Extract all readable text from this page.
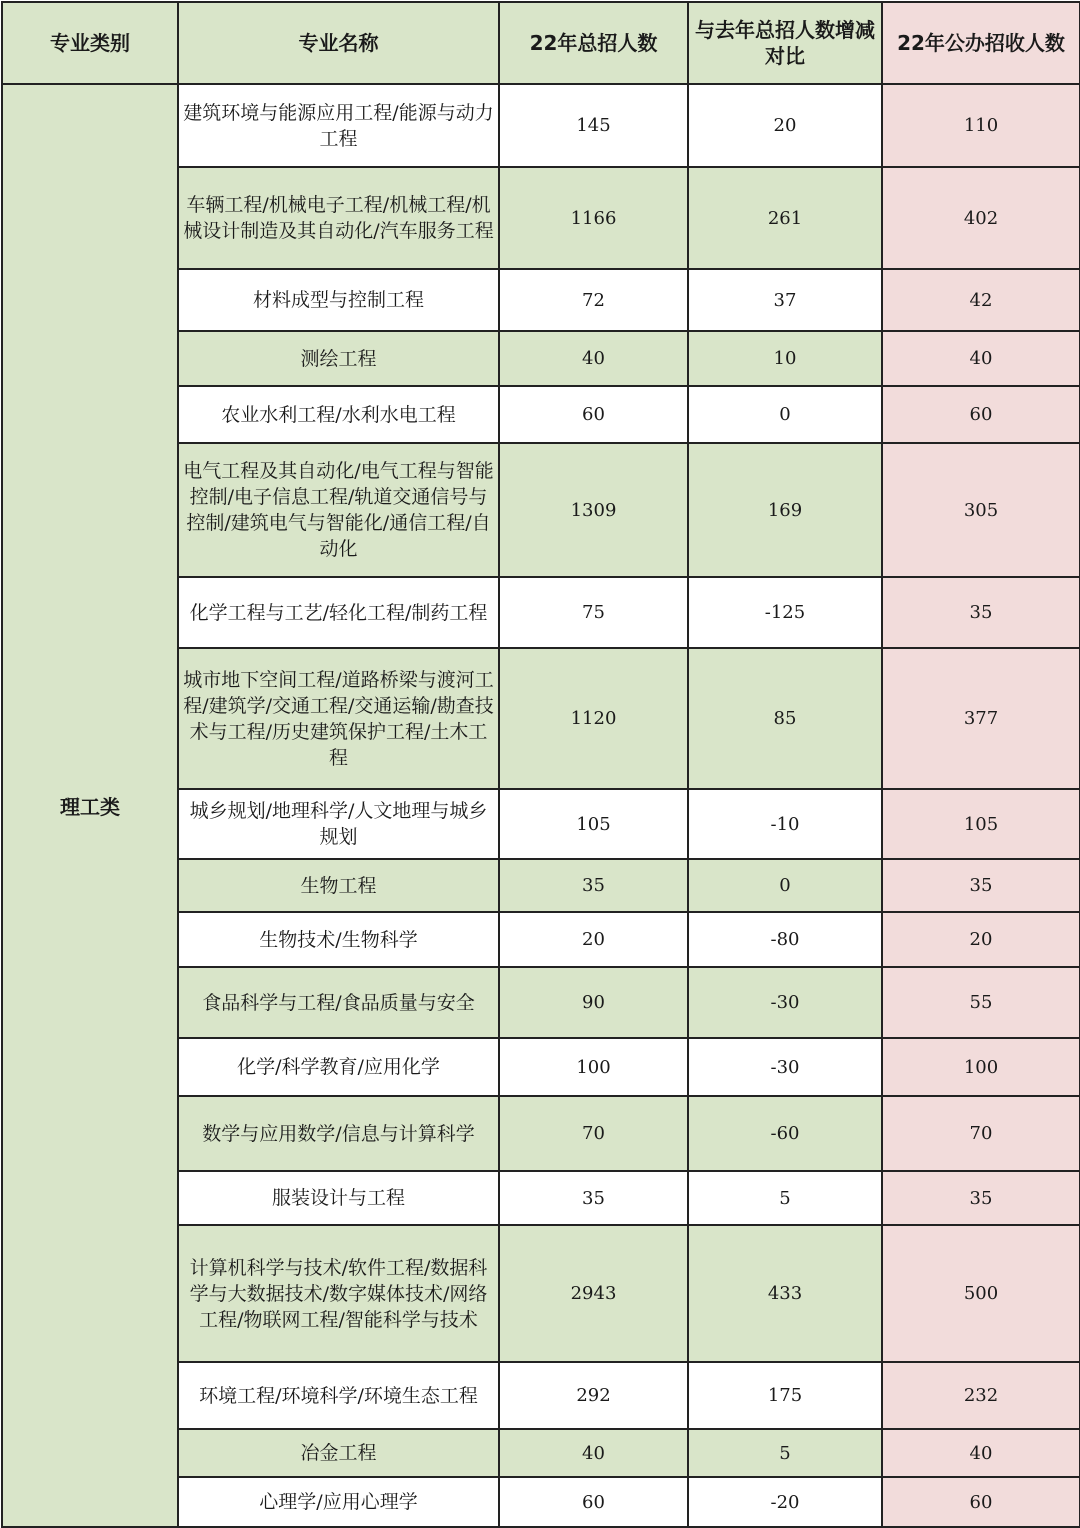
专业类别	专业名称	22年总招人数	与去年总招人数增减对比	22年公办招收人数
理工类	建筑环境与能源应用工程/能源与动力工程	145	20	110
	车辆工程/机械电子工程/机械工程/机械设计制造及其自动化/汽车服务工程	1166	261	402
	材料成型与控制工程	72	37	42
	测绘工程	40	10	40
	农业水利工程/水利水电工程	60	0	60
	电气工程及其自动化/电气工程与智能控制/电子信息工程/轨道交通信号与控制/建筑电气与智能化/通信工程/自动化	1309	169	305
	化学工程与工艺/轻化工程/制药工程	75	-125	35
	城市地下空间工程/道路桥梁与渡河工程/建筑学/交通工程/交通运输/勘查技术与工程/历史建筑保护工程/土木工程	1120	85	377
	城乡规划/地理科学/人文地理与城乡规划	105	-10	105
	生物工程	35	0	35
	生物技术/生物科学	20	-80	20
	食品科学与工程/食品质量与安全	90	-30	55
	化学/科学教育/应用化学	100	-30	100
	数学与应用数学/信息与计算科学	70	-60	70
	服装设计与工程	35	5	35
	计算机科学与技术/软件工程/数据科学与大数据技术/数字媒体技术/网络工程/物联网工程/智能科学与技术	2943	433	500
	环境工程/环境科学/环境生态工程	292	175	232
	冶金工程	40	5	40
	心理学/应用心理学	60	-20	60
